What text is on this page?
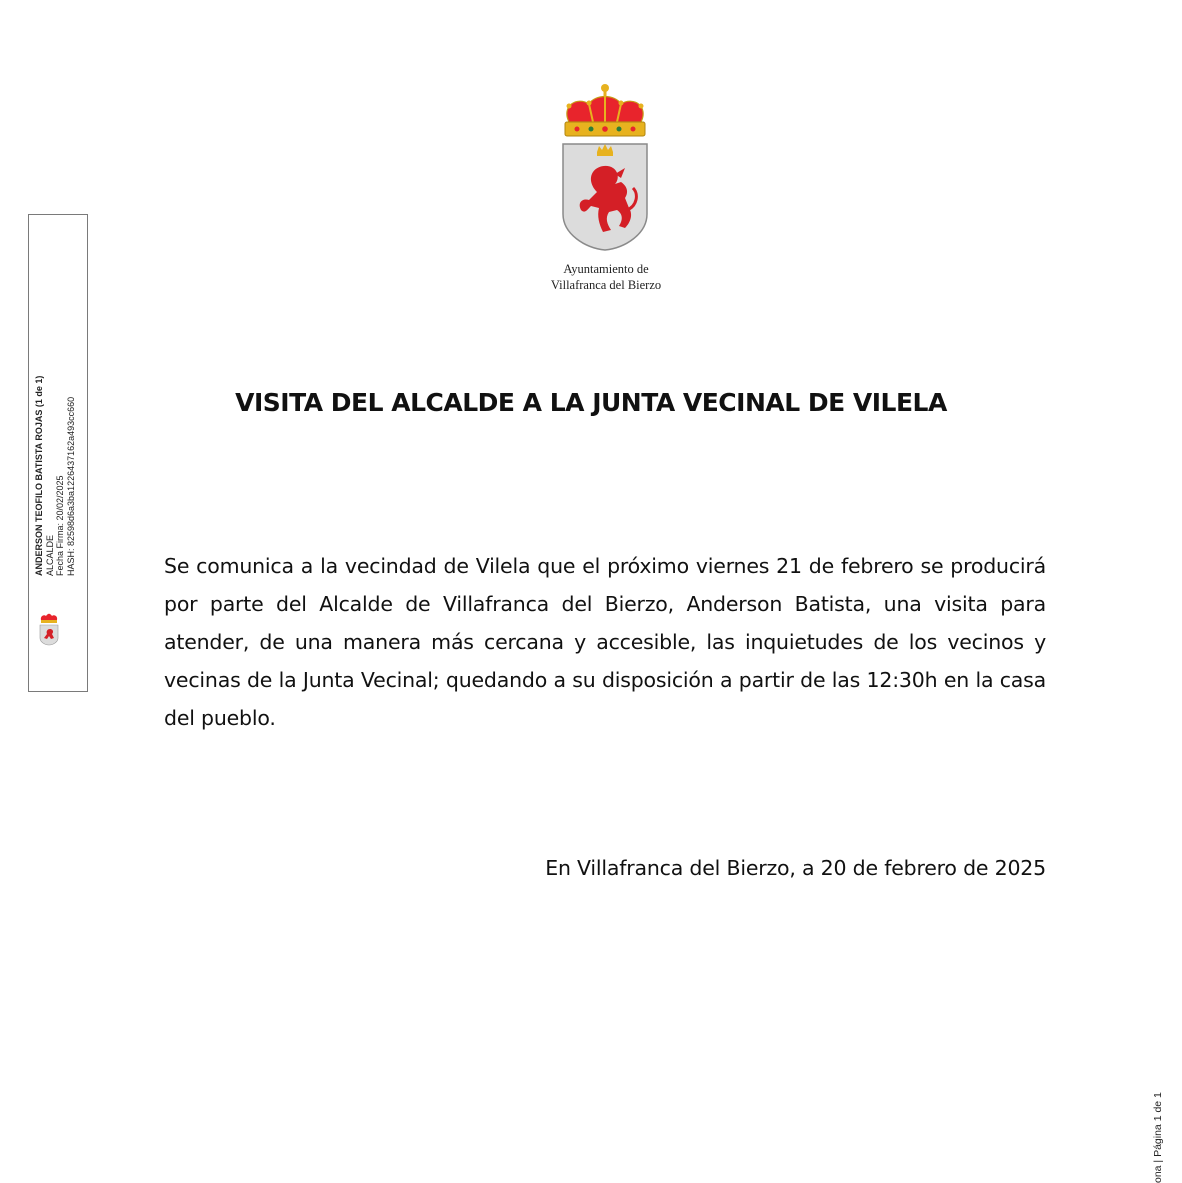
Ayuntamiento de
Villafranca del Bierzo
VISITA DEL ALCALDE A LA JUNTA VECINAL DE VILELA

Se comunica a la vecindad de Vilela que el próximo viernes 21 de febrero se producirá por parte del Alcalde de Villafranca del Bierzo, Anderson Batista, una visita para atender, de una manera más cercana y accesible, las inquietudes de los vecinos y vecinas de la Junta Vecinal; quedando a su disposición a partir de las 12:30h en la casa del pueblo.

En Villafranca del Bierzo, a 20 de febrero de 2025

ANDERSON TEOFILO BATISTA ROJAS (1 de 1) ALCALDE Fecha Firma: 20/02/2025 HASH: 82598d6a3ba1226437162a493cc660
ona | Página 1 de 1
